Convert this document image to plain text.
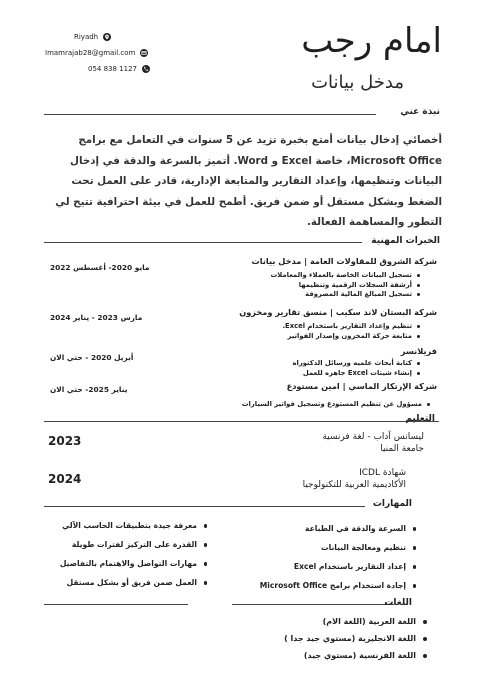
امام رجب
مدخل بيانات
Riyadh
Imamrajab28@gmail.com
054 838 1127
نبذة عني
أخصائي إدخال بيانات أمتع بخبرة تزيد عن 5 سنوات في التعامل مع برامج Microsoft Office، خاصة Excel و Word. أتميز بالسرعة والدقة في إدخال البيانات وتنظيمها، وإعداد التقارير والمتابعة الإدارية، قادر على العمل تحت الضغط وبشكل مستقل أو ضمن فريق. أطمح للعمل في بيئة احترافية تتيح لي التطور والمساهمة الفعالة.
الخبرات المهنية
شركة الشروق للمقاولات العامة | مدخل بيانات
مايو 2020- أغسطس 2022
تسجيل البيانات الخاصة بالعملاء والمعاملات
أرشفة السجلات الرقمية وتنظيمها
تسجيل المبالغ المالية المصروفة
شركة البستان لاند سكيب | منسق تقارير ومخزون
مارس 2023 - يناير 2024
تنظيم وإعداد التقارير باستخدام Excel.
متابعة حركة المخزون وإصدار الفواتير
فريلانسر
أبريل 2020 - حتي الان
كتابة أبحاث علميه ورسائل الدكتوراه
إنشاء شيتات Excel جاهزه للعمل
شركة الإرتكاز الماسي | امين مستودع
يناير 2025- حتي الان
مسؤول عن تنظيم المستودع وتسجيل فواتير السيارات
التعليم
2023	ليسانس آداب - لغة فرنسية
جامعة المنيا
2024	شهادة ICDL
الأكاديمية العربية للتكنولوجيا
المهارات
السرعة والدقة في الطباعة
تنظيم ومعالجة البيانات
إعداد التقارير باستخدام Excel
إجادة استخدام برامج Microsoft Office
معرفة جيدة بتطبيقات الحاسب الآلي
القدرة على التركيز لفترات طويلة
مهارات التواصل والاهتمام بالتفاصيل
العمل ضمن فريق أو بشكل مستقل
اللغات
اللغة العربية (اللغة الام)
اللغة الانجليزية (مستوي جيد جدا )
اللغة الفرنسية (مستوي جيد)
